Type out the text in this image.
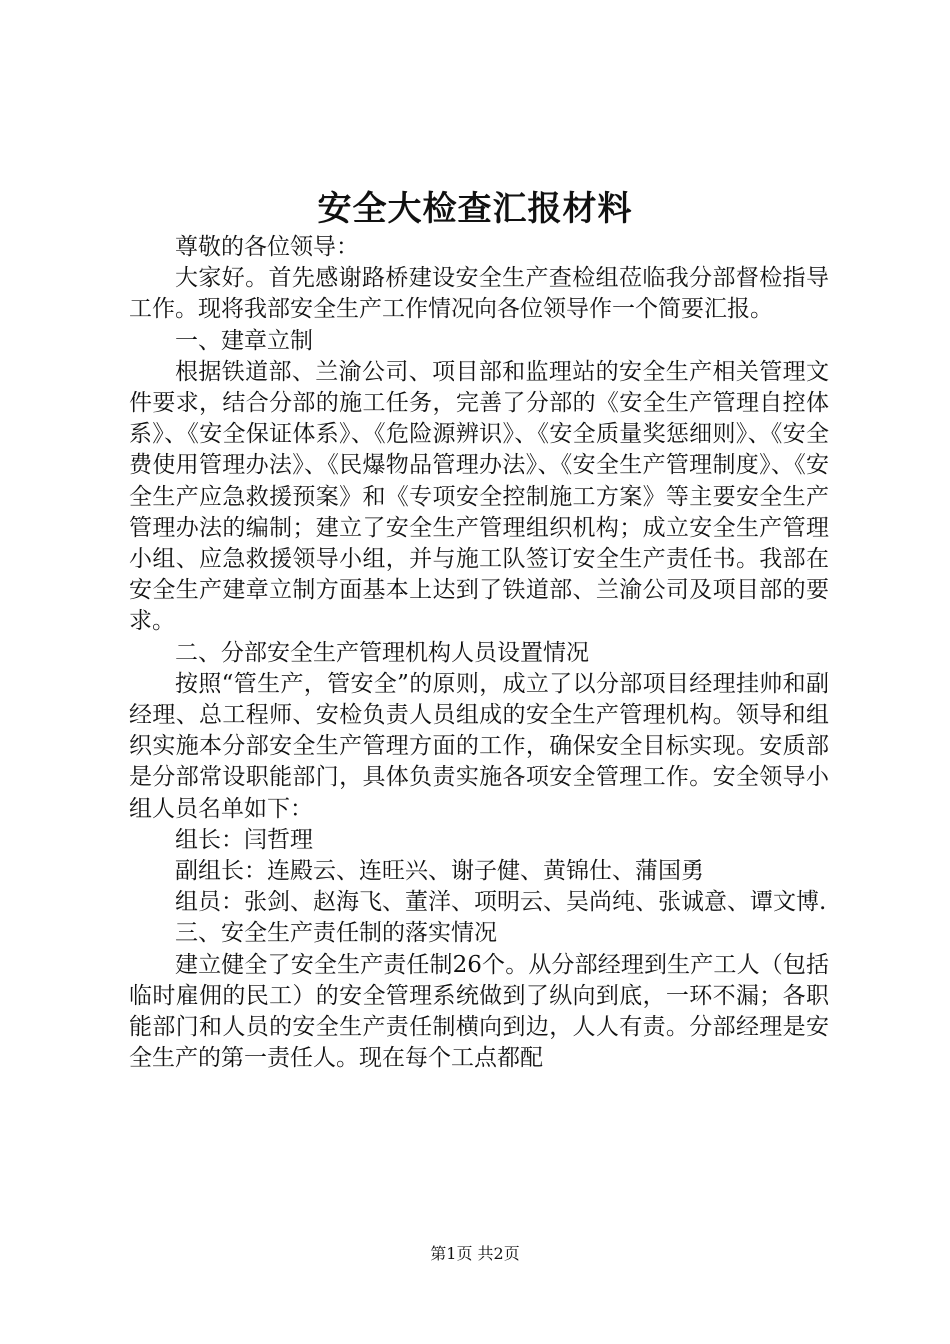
安全大检查汇报材料

尊敬的各位领导：

大家好。首先感谢路桥建设安全生产查检组莅临我分部督检指导工作。现将我部安全生产工作情况向各位领导作一个简要汇报。

一、建章立制

根据铁道部、兰渝公司、项目部和监理站的安全生产相关管理文件要求，结合分部的施工任务，完善了分部的《安全生产管理自控体系》、《安全保证体系》、《危险源辨识》、《安全质量奖惩细则》、《安全费使用管理办法》、《民爆物品管理办法》、《安全生产管理制度》、《安全生产应急救援预案》和《专项安全控制施工方案》等主要安全生产管理办法的编制；建立了安全生产管理组织机构；成立安全生产管理小组、应急救援领导小组，并与施工队签订安全生产责任书。我部在安全生产建章立制方面基本上达到了铁道部、兰渝公司及项目部的要求。

二、分部安全生产管理机构人员设置情况

按照“管生产，管安全”的原则，成立了以分部项目经理挂帅和副经理、总工程师、安检负责人员组成的安全生产管理机构。领导和组织实施本分部安全生产管理方面的工作，确保安全目标实现。安质部是分部常设职能部门，具体负责实施各项安全管理工作。安全领导小组人员名单如下：

组长：闫哲理

副组长：连殿云、连旺兴、谢子健、黄锦仕、蒲国勇

组员：张剑、赵海飞、董洋、项明云、吴尚纯、张诚意、谭文博.

三、安全生产责任制的落实情况

建立健全了安全生产责任制26个。从分部经理到生产工人（包括临时雇佣的民工）的安全管理系统做到了纵向到底，一环不漏；各职能部门和人员的安全生产责任制横向到边，人人有责。分部经理是安全生产的第一责任人。现在每个工点都配

第1页 共2页
